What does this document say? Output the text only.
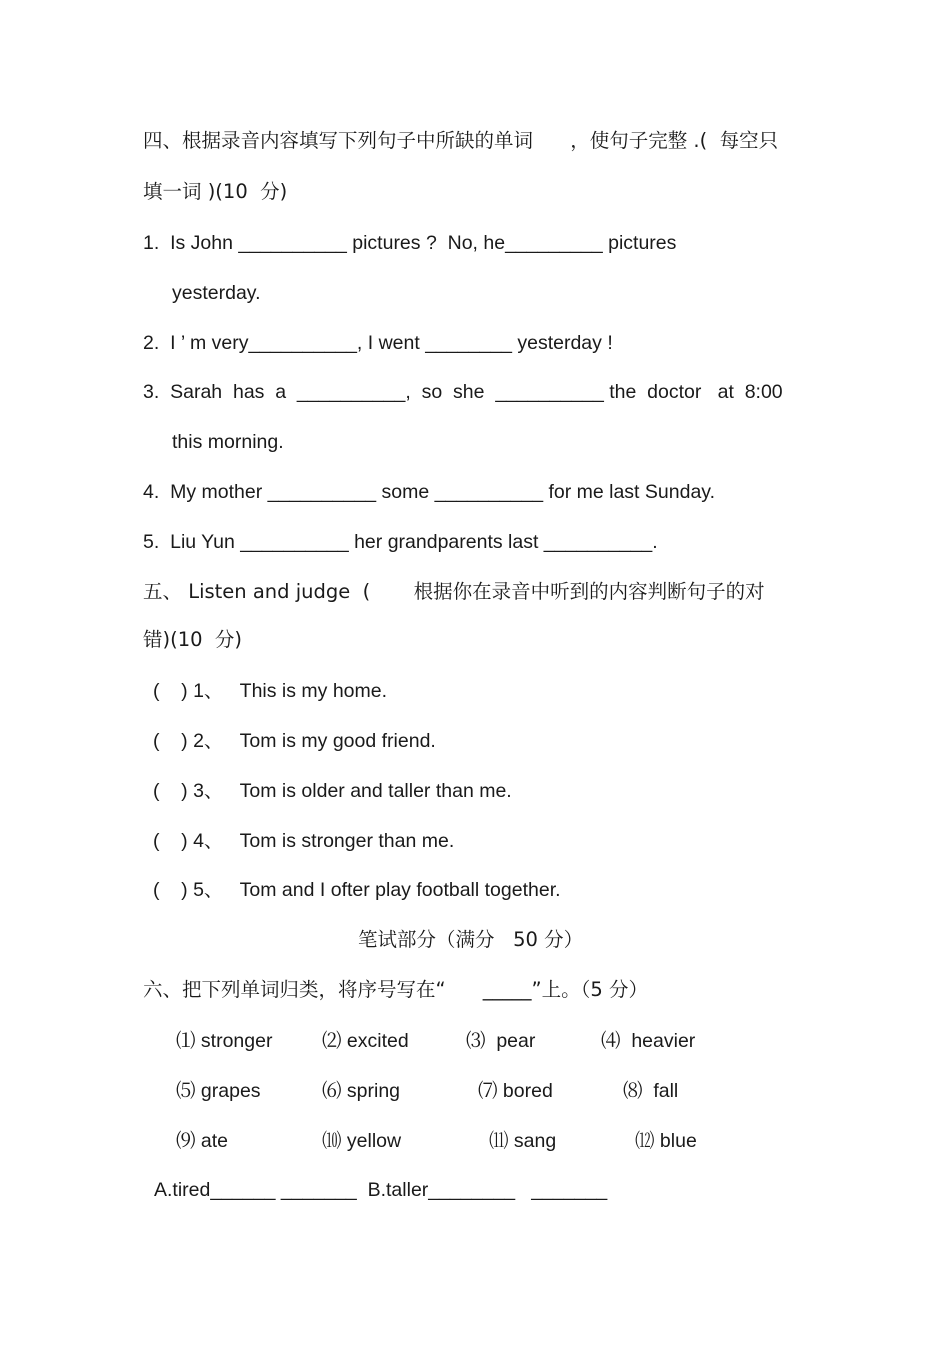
四、根据录音内容填写下列句子中所缺的单词      ，使句子完整 .(  每空只
填一词 )(10  分)
1.  Is John __________ pictures ?  No, he_________ pictures
yesterday.
2.  I ’ m very__________, I went ________ yesterday !
3.  Sarah  has  a  __________,  so  she  __________ the  doctor   at  8:00
this morning.
4.  My mother __________ some __________ for me last Sunday.
5.  Liu Yun __________ her grandparents last __________.
五、 Listen and judge  (       根据你在录音中听到的内容判断句子的对
错)(10  分)
(    ) 1、   This is my home.
(    ) 2、   Tom is my good friend.
(    ) 3、   Tom is older and taller than me.
(    ) 4、   Tom is stronger than me.
(    ) 5、   Tom and I ofter play football together.
笔试部分（满分   50 分）
六、把下列单词归类，将序号写在“      _____”上。（5 分）
⑴ stronger	⑵ excited	⑶  pear	⑷  heavier
⑸ grapes	⑹ spring	⑺ bored	⑻  fall
⑼ ate	⑽ yellow	⑾ sang	⑿ blue
A.tired______ _______  B.taller________   _______
